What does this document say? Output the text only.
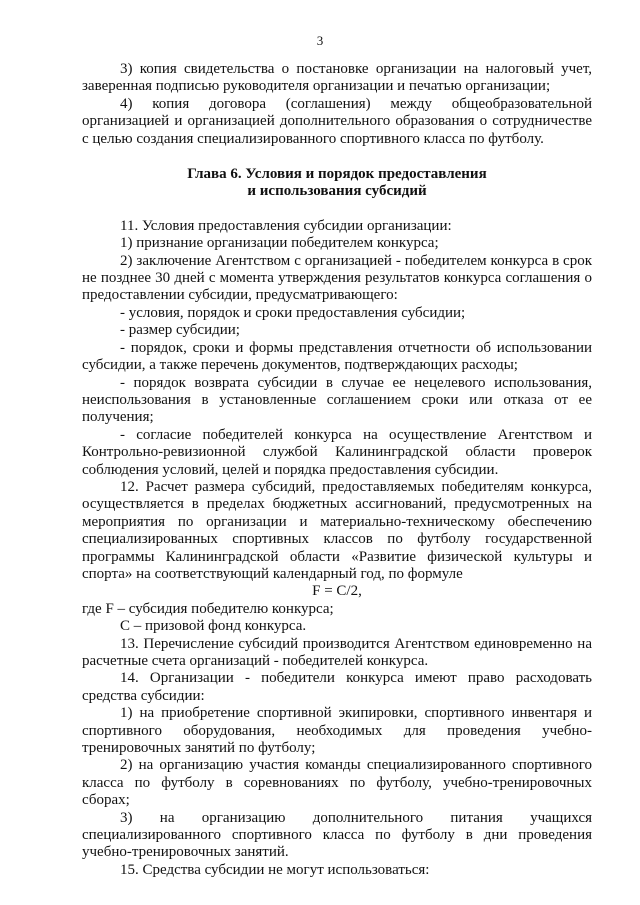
3

3) копия свидетельства о постановке организации на налоговый учет, заверенная подписью руководителя организации и печатью организации;

4) копия договора (соглашения) между общеобразовательной организацией и организацией дополнительного образования о сотрудничестве с целью создания специализированного спортивного класса по футболу.

Глава 6. Условия и порядок предоставления

и использования субсидий

11. Условия предоставления субсидии организации:

1) признание организации победителем конкурса;

2) заключение Агентством с организацией - победителем конкурса в срок не позднее 30 дней с момента утверждения результатов конкурса соглашения о предоставлении субсидии, предусматривающего:

- условия, порядок и сроки предоставления субсидии;

- размер субсидии;

- порядок, сроки и формы представления отчетности об использовании субсидии, а также перечень документов, подтверждающих расходы;

- порядок возврата субсидии в случае ее нецелевого использования, неиспользования в установленные соглашением сроки или отказа от ее получения;

- согласие победителей конкурса на осуществление Агентством и Контрольно-ревизионной службой Калининградской области проверок соблюдения условий, целей и порядка предоставления субсидии.

12. Расчет размера субсидий, предоставляемых победителям конкурса, осуществляется в пределах бюджетных ассигнований, предусмотренных на мероприятия по организации и материально-техническому обеспечению специализированных спортивных классов по футболу государственной программы Калининградской области «Развитие физической культуры и спорта» на соответствующий календарный год, по формуле

F = C/2,

где F – субсидия победителю конкурса;

С – призовой фонд конкурса.

13. Перечисление субсидий производится Агентством единовременно на расчетные счета организаций - победителей конкурса.

14. Организации - победители конкурса имеют право расходовать средства субсидии:

1) на приобретение спортивной экипировки, спортивного инвентаря и спортивного оборудования, необходимых для проведения учебно-тренировочных занятий по футболу;

2) на организацию участия команды специализированного спортивного класса по футболу в соревнованиях по футболу, учебно-тренировочных сборах;

3) на организацию дополнительного питания учащихся специализированного спортивного класса по футболу в дни проведения учебно-тренировочных занятий.

15. Средства субсидии не могут использоваться:
